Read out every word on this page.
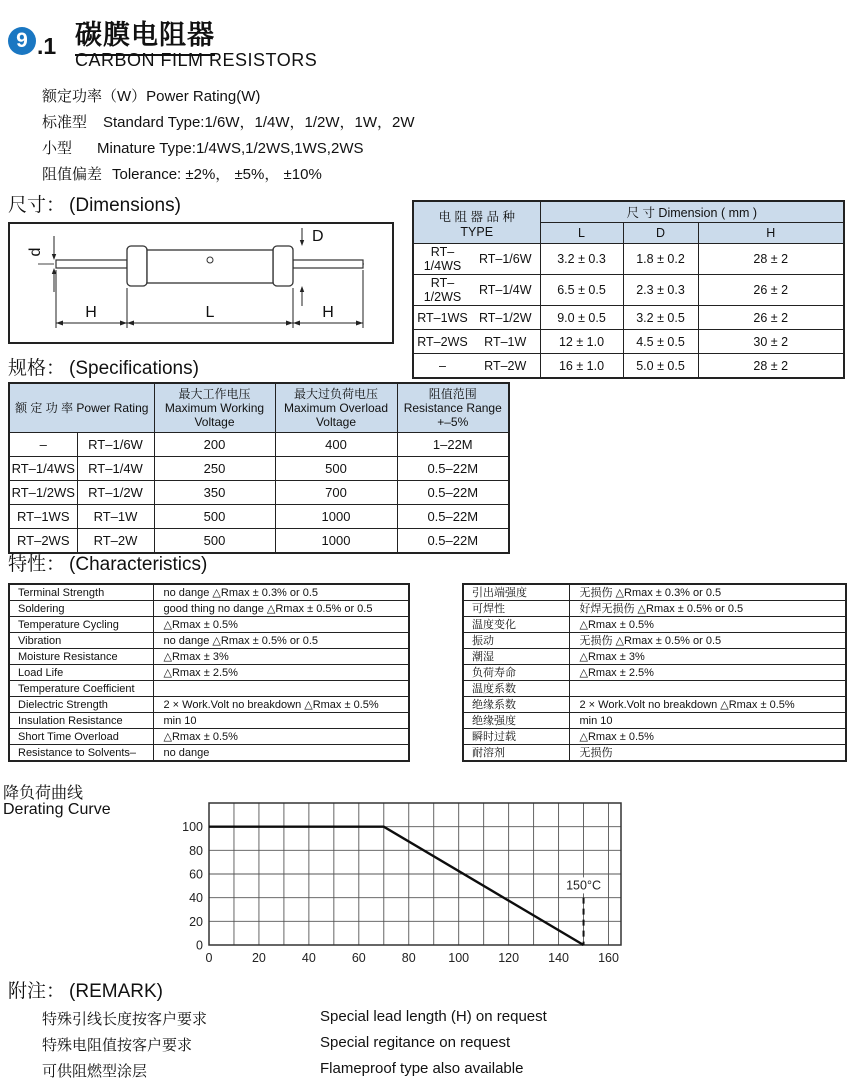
9 .1 碳膜电阻器
CARBON FILM RESISTORS
额定功率（W）Power Rating(W)
标准型 Standard Type:1/6W，1/4W，1/2W，1W，2W
小型 Minature Type:1/4WS,1/2WS,1WS,2WS
阻值偏差 Tolerance: ±2%， ±5%， ±10%
尺寸： (Dimensions)
d
D
H	L	H
电 阻 器 品 种
TYPE		尺 寸 Dimension ( mm )		
		L	D	H
RT–1/4WS	RT–1/6W	3.2 ± 0.3	1.8 ± 0.2	28 ± 2
RT–1/2WS	RT–1/4W	6.5 ± 0.5	2.3 ± 0.3	26 ± 2
RT–1WS	RT–1/2W	9.0 ± 0.5	3.2 ± 0.5	26 ± 2
RT–2WS	RT–1W	12 ± 1.0	4.5 ± 0.5	30 ± 2
–	RT–2W	16 ± 1.0	5.0 ± 0.5	28 ± 2
规格： (Specifications)
额 定 功 率 Power Rating	
最大工作电压
Maximum Working Voltage

最大过负荷电压
Maximum Overload Voltage

阻值范围
Resistance Range +–5%

–	RT–1/6W	200	400	1–22M
RT–1/4WS	RT–1/4W	250	500	0.5–22M
RT–1/2WS	RT–1/2W	350	700	0.5–22M
RT–1WS	RT–1W	500	1000	0.5–22M
RT–2WS	RT–2W	500	1000	0.5–22M
特性： (Characteristics)
Terminal Strength	no dange △Rmax ± 0.3% or 0.5
Soldering	good thing no dange △Rmax ± 0.5% or 0.5
Temperature Cycling	△Rmax ± 0.5%
Vibration	no dange △Rmax ± 0.5% or 0.5
Moisture Resistance	△Rmax ± 3%
Load Life	△Rmax ± 2.5%
Temperature Coefficient	
Dielectric Strength	2 × Work.Volt no breakdown △Rmax ± 0.5%
Insulation Resistance	min 10
Short Time Overload	△Rmax ± 0.5%
Resistance to Solvents–	no dange
引出端强度	无损伤 △Rmax ± 0.3% or 0.5
可焊性	好焊无损伤 △Rmax ± 0.5% or 0.5
温度变化	△Rmax ± 0.5%
振动	无损伤 △Rmax ± 0.5% or 0.5
潮湿	△Rmax ± 3%
负荷寿命	△Rmax ± 2.5%
温度系数	
绝缘系数	2 × Work.Volt no breakdown △Rmax ± 0.5%
绝缘强度	min 10
瞬时过载	△Rmax ± 0.5%
耐溶剂	无损伤
降负荷曲线
Derating Curve
150°C
0	20	40	60	80	100 120 140 160
0
20
40
60
80
100
附注： (REMARK)
特殊引线长度按客户要求	Special lead length (H) on request
特殊电阻值按客户要求	Special regitance on request
可供阻燃型涂层	Flameproof type also available
